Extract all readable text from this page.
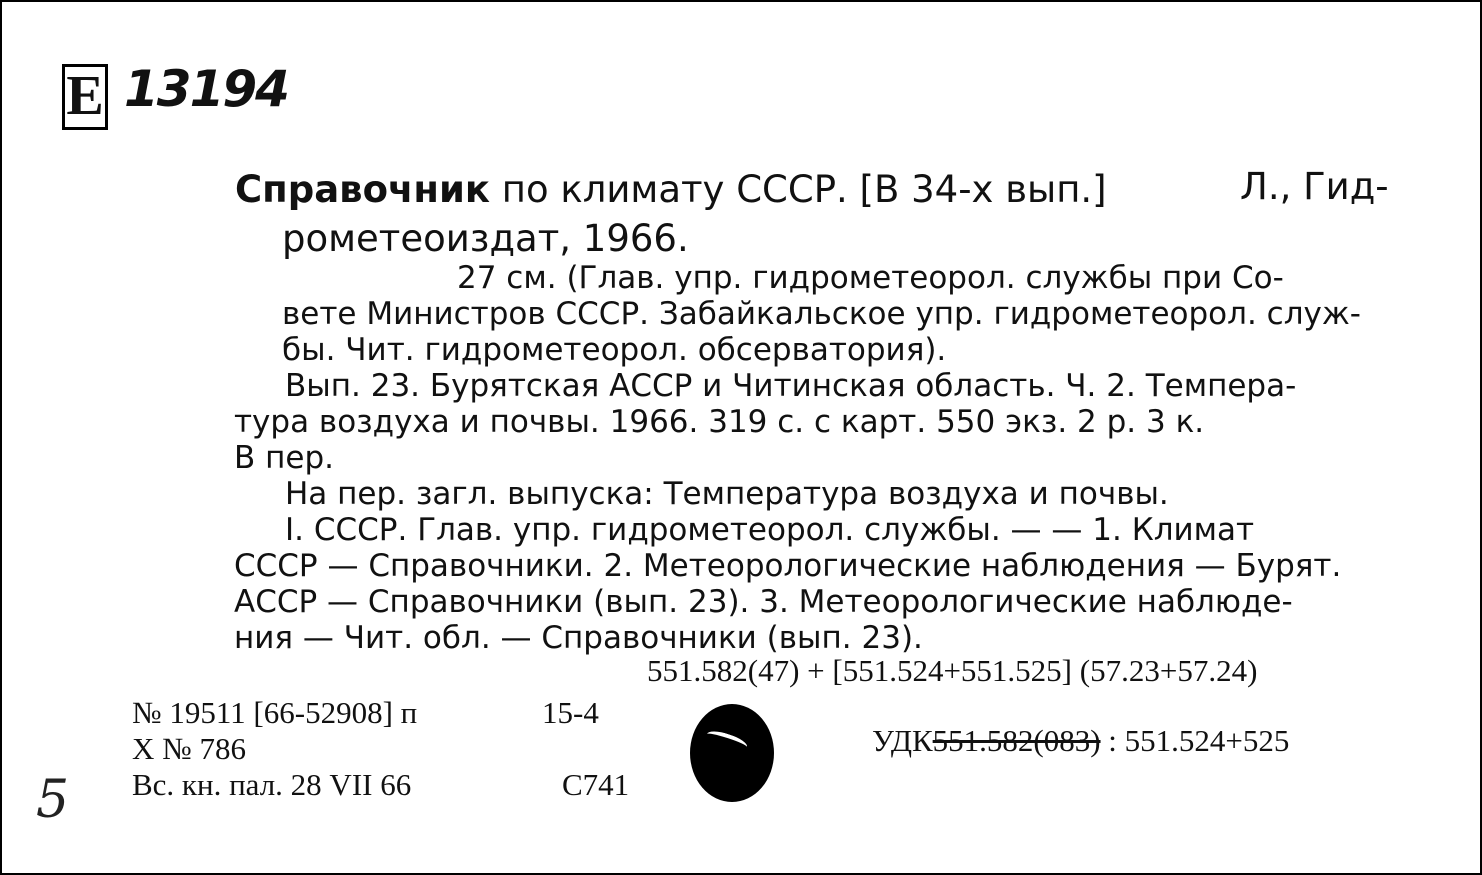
E 13194
Справочник по климату СССР. [В 34-х вып.]	Л., Гид-
рометеоиздат, 1966.
27 см. (Глав. упр. гидрометеорол. службы при Со-
вете Министров СССР. Забайкальское упр. гидрометеорол. служ-
бы. Чит. гидрометеорол. обсерватория).
Вып. 23. Бурятская АССР и Читинская область. Ч. 2. Темпера-
тура воздуха и почвы. 1966. 319 с. с карт. 550 экз. 2 р. 3 к.
В пер.
На пер. загл. выпуска: Температура воздуха и почвы.
I. СССР. Глав. упр. гидрометеорол. службы. — — 1. Климат
СССР — Справочники. 2. Метеорологические наблюдения — Бурят.
АССР — Справочники (вып. 23). 3. Метеорологические наблюде-
ния — Чит. обл. — Справочники (вып. 23).
551.582(47) + [551.524+551.525] (57.23+57.24)
№ 19511 [66-52908] п
Х № 786
Вс. кн. пал. 28 VII 66
15-4
С741
УДК551.582(083) : 551.524+525
5
